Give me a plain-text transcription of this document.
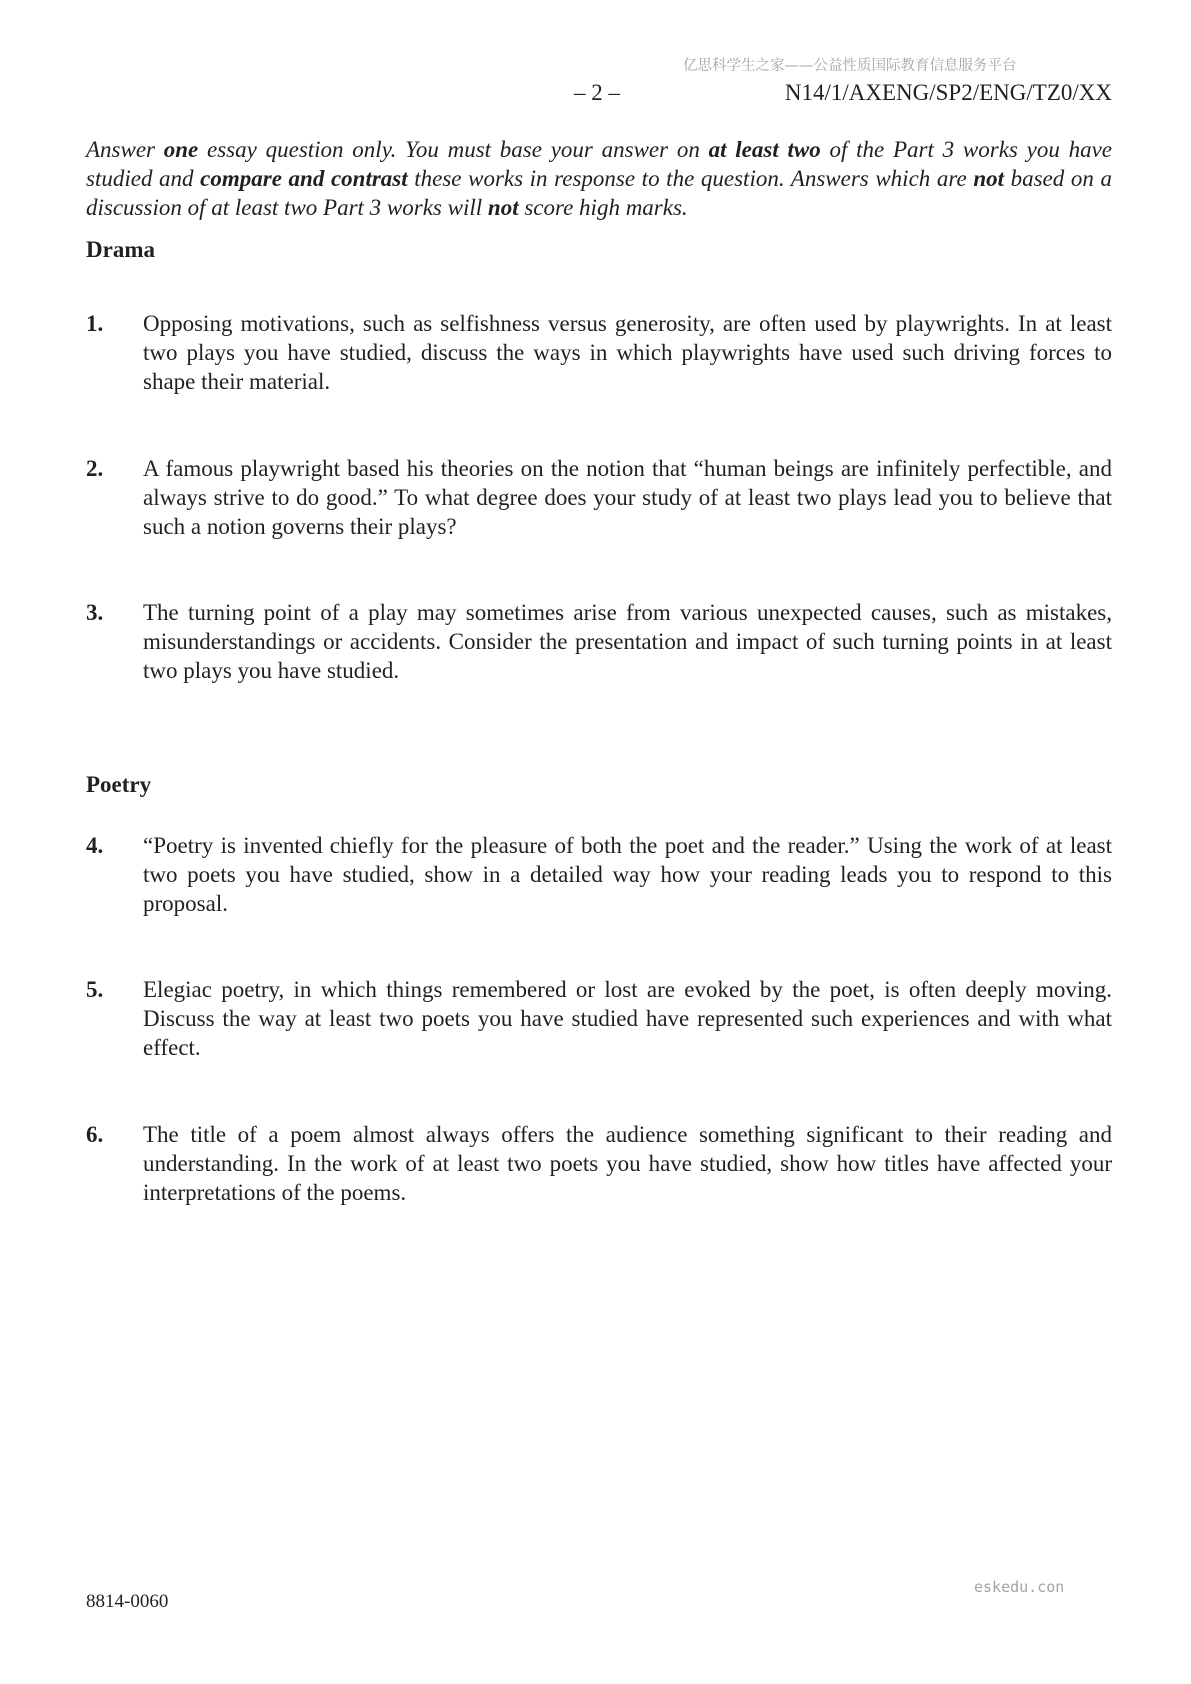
亿思科学生之家——公益性质国际教育信息服务平台
– 2 –	N14/1/AXENG/SP2/ENG/TZ0/XX
Answer one essay question only. You must base your answer on at least two of the Part 3 works you have studied and compare and contrast these works in response to the question. Answers which are not based on a discussion of at least two Part 3 works will not score high marks.
Drama
1. Opposing motivations, such as selfishness versus generosity, are often used by playwrights. In at least two plays you have studied, discuss the ways in which playwrights have used such driving forces to shape their material.
2. A famous playwright based his theories on the notion that “human beings are infinitely perfectible, and always strive to do good.” To what degree does your study of at least two plays lead you to believe that such a notion governs their plays?
3. The turning point of a play may sometimes arise from various unexpected causes, such as mistakes, misunderstandings or accidents. Consider the presentation and impact of such turning points in at least two plays you have studied.
Poetry
4. “Poetry is invented chiefly for the pleasure of both the poet and the reader.” Using the work of at least two poets you have studied, show in a detailed way how your reading leads you to respond to this proposal.
5. Elegiac poetry, in which things remembered or lost are evoked by the poet, is often deeply moving. Discuss the way at least two poets you have studied have represented such experiences and with what effect.
6. The title of a poem almost always offers the audience something significant to their reading and understanding. In the work of at least two poets you have studied, show how titles have affected your interpretations of the poems.
eskedu.con
8814-0060
